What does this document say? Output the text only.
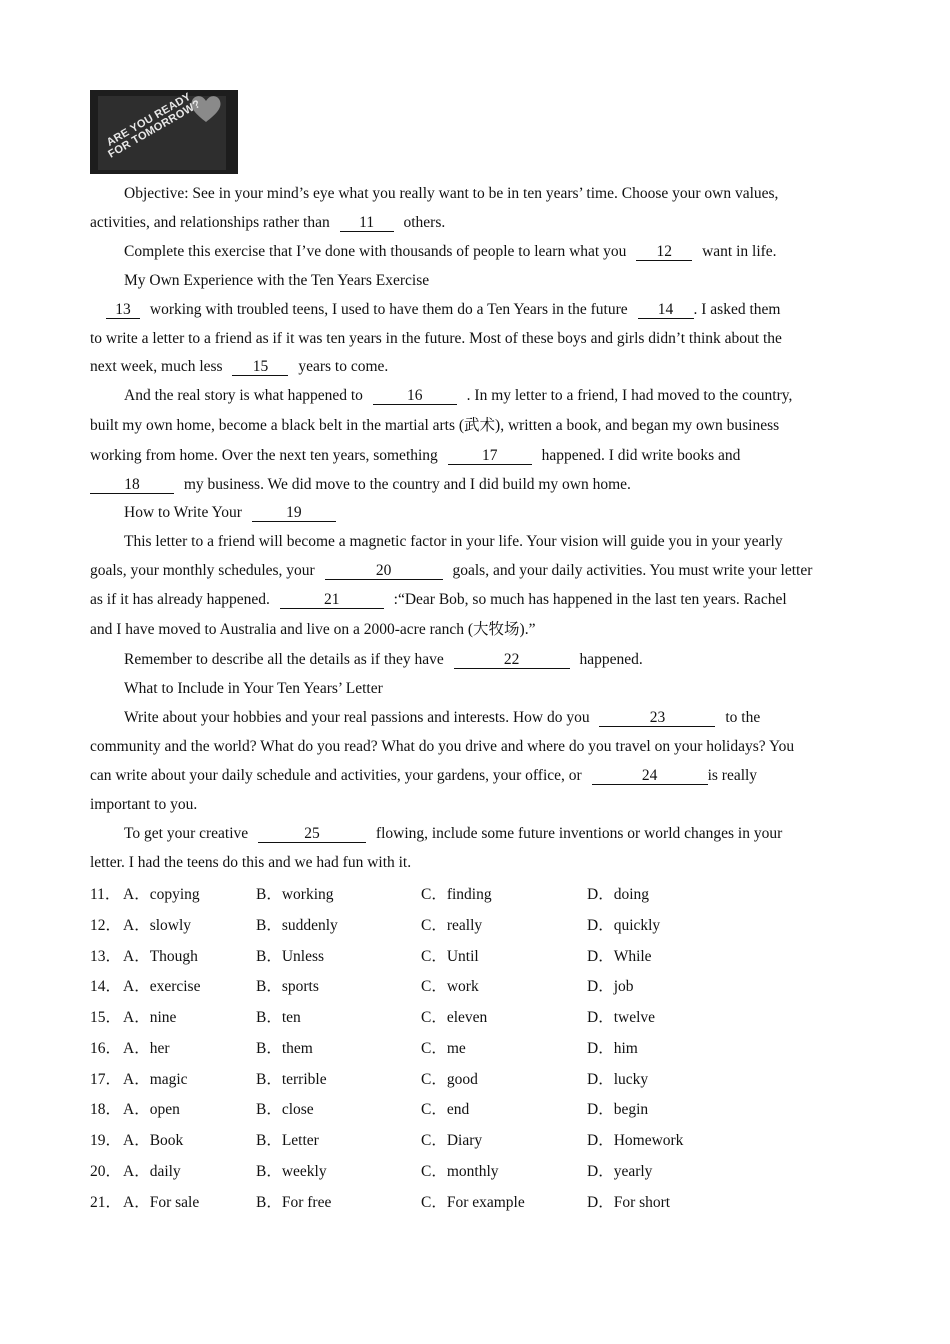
ARE YOU READY FOR TOMORROW?
Objective: See in your mind’s eye what you really want to be in ten years’ time. Choose your own values,
activities, and relationships rather than 11 others.
Complete this exercise that I’ve done with thousands of people to learn what you 12 want in life.
My Own Experience with the Ten Years Exercise
13 working with troubled teens, I used to have them do a Ten Years in the future 14 . I asked them
to write a letter to a friend as if it was ten years in the future. Most of these boys and girls didn’t think about the
next week, much less 15 years to come.
And the real story is what happened to	16	. In my letter to a friend, I had moved to the country,
built my own home, become a black belt in the martial arts (武术), written a book, and began my own business
working from home. Over the next ten years, something	17	happened. I did write books and
18	my business. We did move to the country and I did build my own home.
How to Write Your	19
This letter to a friend will become a magnetic factor in your life. Your vision will guide you in your yearly
goals, your monthly schedules, your	20	goals, and your daily activities. You must write your letter
as if it has already happened.	21	:“Dear Bob, so much has happened in the last ten years. Rachel
and I have moved to Australia and live on a 2000-acre ranch (大牧场).”
Remember to describe all the details as if they have	22	happened.
What to Include in Your Ten Years’ Letter
Write about your hobbies and your real passions and interests. How do you	23	to the
community and the world? What do you read? What do you drive and where do you travel on your holidays? You
can write about your daily schedule and activities, your gardens, your office, or	24	is really
important to you.
To get your creative	25	flowing, include some future inventions or world changes in your
letter. I had the teens do this and we had fun with it.
11． A．copying	B．working	C．finding	D．doing
12． A．slowly	B．suddenly	C．really	D．quickly
13． A．Though	B．Unless	C．Until	D．While
14． A．exercise	B．sports	C．work	D．job
15． A．nine	B．ten	C．eleven	D．twelve
16． A．her	B．them	C．me	D．him
17． A．magic	B．terrible	C．good	D．lucky
18． A．open	B．close	C．end	D．begin
19． A．Book	B．Letter	C．Diary	D．Homework
20． A．daily	B．weekly	C．monthly	D．yearly
21． A．For sale	B．For free	C．For example	D．For short
